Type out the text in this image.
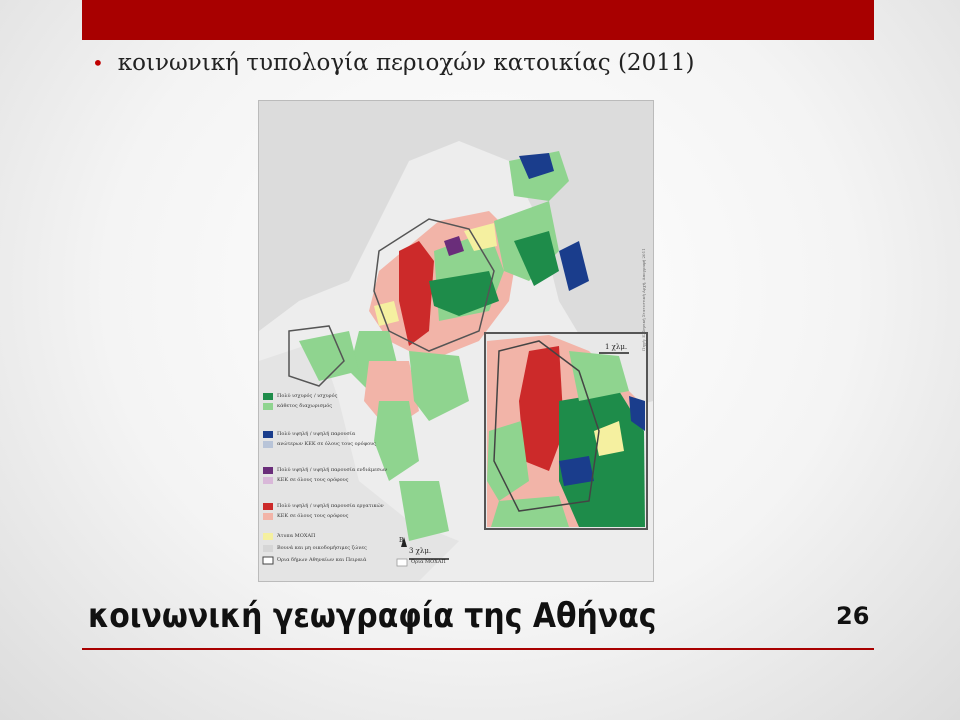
• κοινωνική τυπολογία περιοχών κατοικίας (2011)
Πολύ ισχυρός / ισχυρός
κάθετος διαχωρισμός
Πολύ υψηλή / υψηλή παρουσία
ανώτερων ΚΕΚ σε όλους τους ορόφους
Πολύ υψηλή / υψηλή παρουσία ενδιάμεσων
ΚΕΚ σε όλους τους ορόφους
Πολύ υψηλή / υψηλή παρουσία εργατικών
ΚΕΚ σε όλους τους ορόφους
Άτυπα ΜΟΧΑΠ
Βουνά και μη οικοδομήσιμες ζώνες
Όρια δήμων Αθηναίων και Πειραιά	Όρια ΜΟΧΑΠ
3 χλμ.
1 χλμ.
Β
Πηγή: Ελληνική Στατιστική Αρχή, Απογραφή 2011
κοινωνική γεωγραφία της Αθήνας	26
